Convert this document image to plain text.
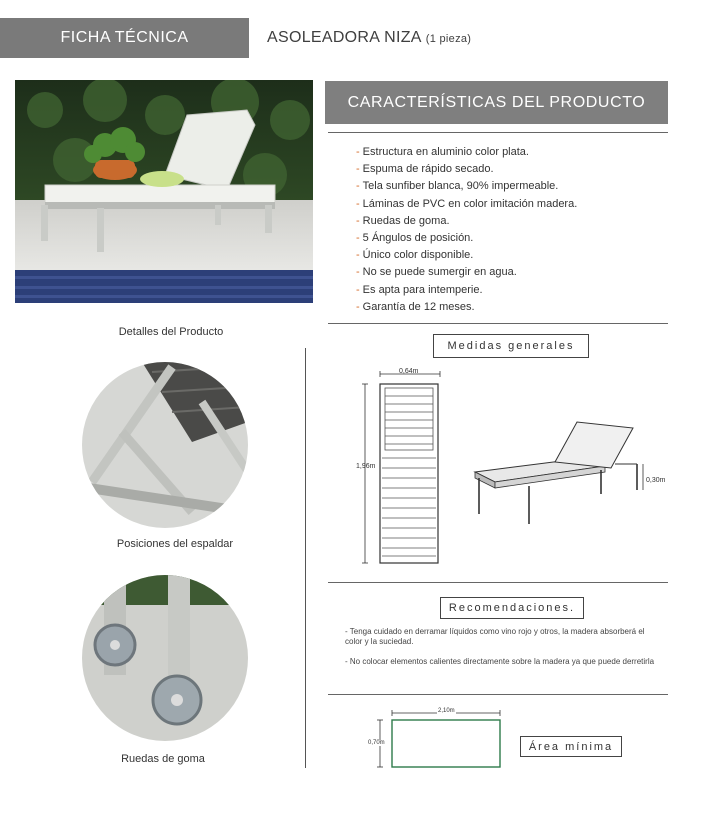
FICHA TÉCNICA	ASOLEADORA NIZA (1 pieza)
Detalles del Producto
Posiciones del espaldar
Ruedas de goma
CARACTERÍSTICAS DEL PRODUCTO
- Estructura en aluminio color plata.
- Espuma de rápido secado.
- Tela sunfiber blanca, 90% impermeable.
- Láminas de PVC en color imitación madera.
- Ruedas de goma.
- 5 Ángulos de posición.
- Único color disponible.
- No se puede sumergir en agua.
- Es apta para intemperie.
- Garantía de 12 meses.
Medidas generales
0,64m
1,96m
0,30m
Recomendaciones.
- Tenga cuidado en derramar líquidos como vino rojo y otros, la madera absorberá el color y la suciedad.
- No colocar elementos calientes directamente sobre la madera ya que puede derretirla
2,10m
0,70m	Área mínima
